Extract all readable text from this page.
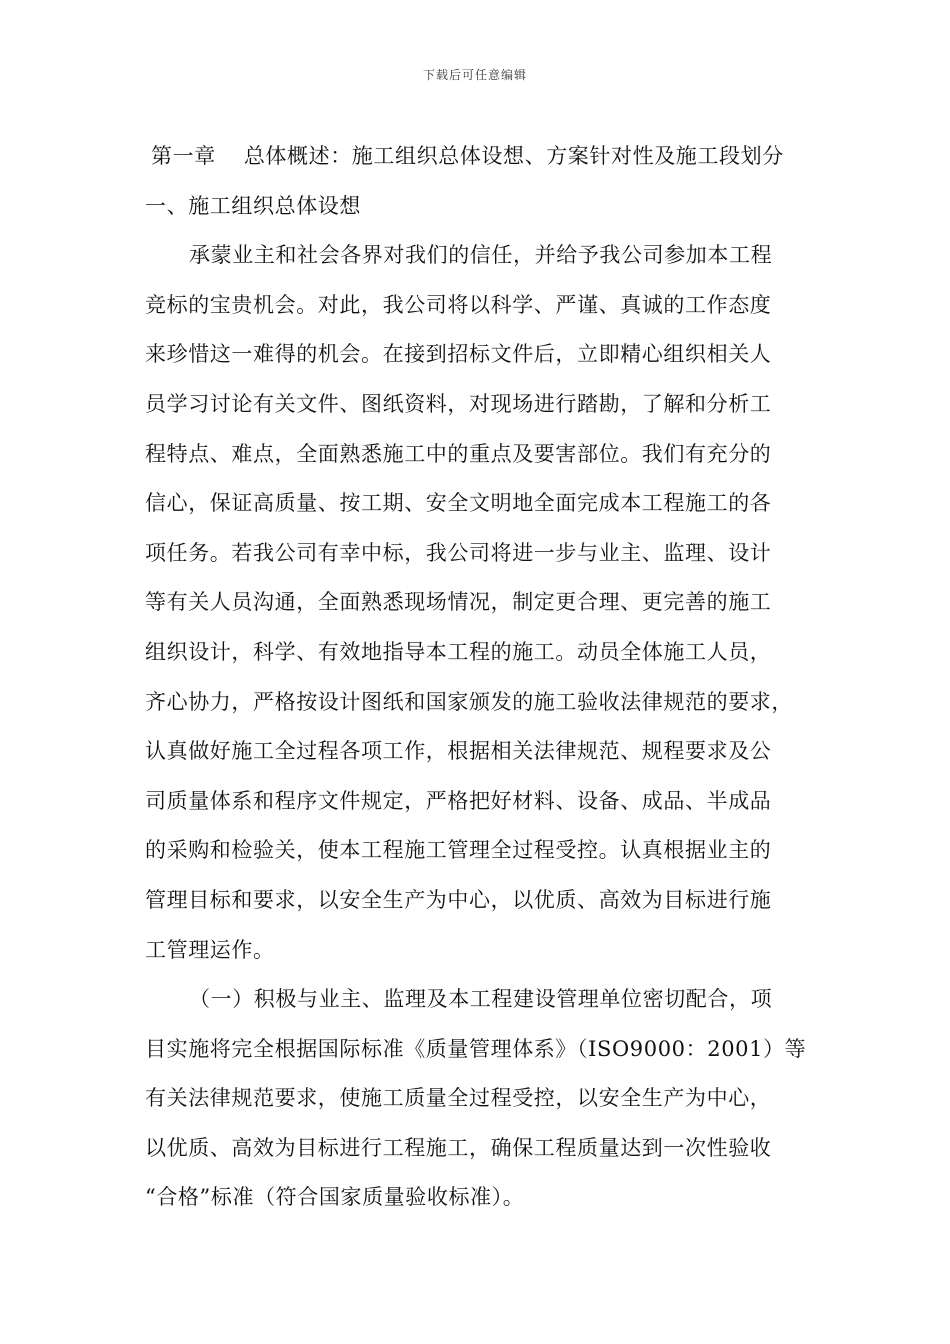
下载后可任意编辑
第一章 总体概述：施工组织总体设想、方案针对性及施工段划分
一、施工组织总体设想
承蒙业主和社会各界对我们的信任，并给予我公司参加本工程
竞标的宝贵机会。对此，我公司将以科学、严谨、真诚的工作态度
来珍惜这一难得的机会。在接到招标文件后，立即精心组织相关人
员学习讨论有关文件、图纸资料，对现场进行踏勘，了解和分析工
程特点、难点，全面熟悉施工中的重点及要害部位。我们有充分的
信心，保证高质量、按工期、安全文明地全面完成本工程施工的各
项任务。若我公司有幸中标，我公司将进一步与业主、监理、设计
等有关人员沟通，全面熟悉现场情况，制定更合理、更完善的施工
组织设计，科学、有效地指导本工程的施工。动员全体施工人员，
齐心协力，严格按设计图纸和国家颁发的施工验收法律规范的要求，
认真做好施工全过程各项工作，根据相关法律规范、规程要求及公
司质量体系和程序文件规定，严格把好材料、设备、成品、半成品
的采购和检验关，使本工程施工管理全过程受控。认真根据业主的
管理目标和要求，以安全生产为中心，以优质、高效为目标进行施
工管理运作。
（一）积极与业主、监理及本工程建设管理单位密切配合，项
目实施将完全根据国际标准《质量管理体系》（ISO9000：2001）等
有关法律规范要求，使施工质量全过程受控，以安全生产为中心，
以优质、高效为目标进行工程施工，确保工程质量达到一次性验收
“合格”标准（符合国家质量验收标准）。
